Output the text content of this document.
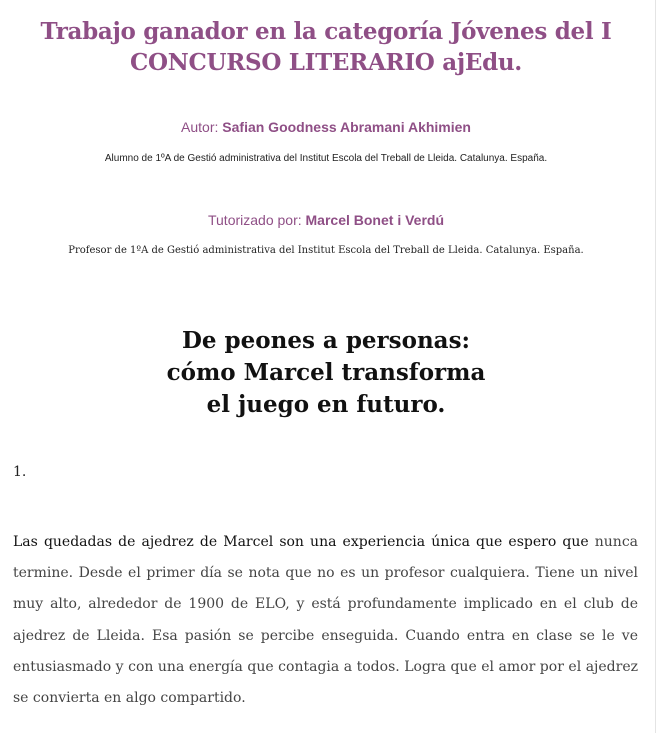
Trabajo ganador en la categoría Jóvenes del I CONCURSO LITERARIO ajEdu.
Autor: Safian Goodness Abramani Akhimien
Alumno de 1ºA de Gestió administrativa del Institut Escola del Treball de Lleida. Catalunya. España.
Tutorizado por: Marcel Bonet i Verdú
Profesor de 1ºA de Gestió administrativa del Institut Escola del Treball de Lleida. Catalunya. España.
De peones a personas:
cómo Marcel transforma
el juego en futuro.
1.
Las quedadas de ajedrez de Marcel son una experiencia única que espero que nunca termine. Desde el primer día se nota que no es un profesor cualquiera. Tiene un nivel muy alto, alrededor de 1900 de ELO, y está profundamente implicado en el club de ajedrez de Lleida. Esa pasión se percibe enseguida. Cuando entra en clase se le ve entusiasmado y con una energía que contagia a todos. Logra que el amor por el ajedrez se convierta en algo compartido.
